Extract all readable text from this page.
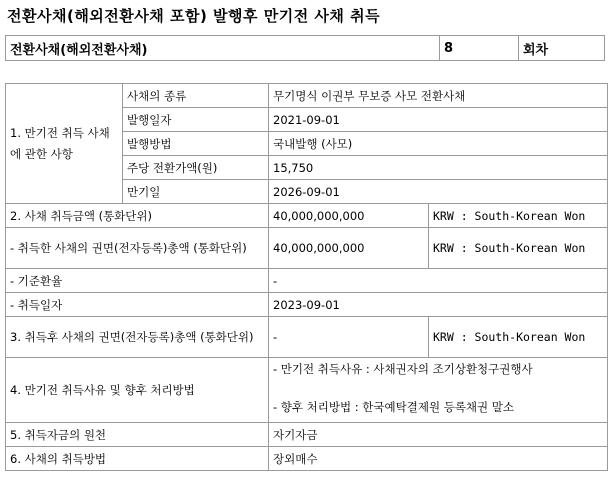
전환사채(해외전환사채 포함) 발행후 만기전 사채 취득
전환사채(해외전환사채)	8	회차
1. 만기전 취득 사채에 관한 사항	사채의 종류	무기명식 이권부 무보증 사모 전환사채	
	발행일자	2021-09-01	
	발행방법	국내발행 (사모)	
	주당 전환가액(원)	15,750	
	만기일	2026-09-01	
2. 사채 취득금액 (통화단위)		40,000,000,000	KRW : South-Korean Won
- 취득한 사채의 권면(전자등록)총액 (통화단위)		40,000,000,000	KRW : South-Korean Won
- 기준환율		-	
- 취득일자		2023-09-01	
3. 취득후 사채의 권면(전자등록)총액 (통화단위)		-	KRW : South-Korean Won
4. 만기전 취득사유 및 향후 처리방법		- 만기전 취득사유 : 사채권자의 조기상환청구권행사
- 향후 처리방법 : 한국예탁결제원 등록채권 말소	

5. 취득자금의 원천		자기자금	
6. 사채의 취득방법		장외매수	
